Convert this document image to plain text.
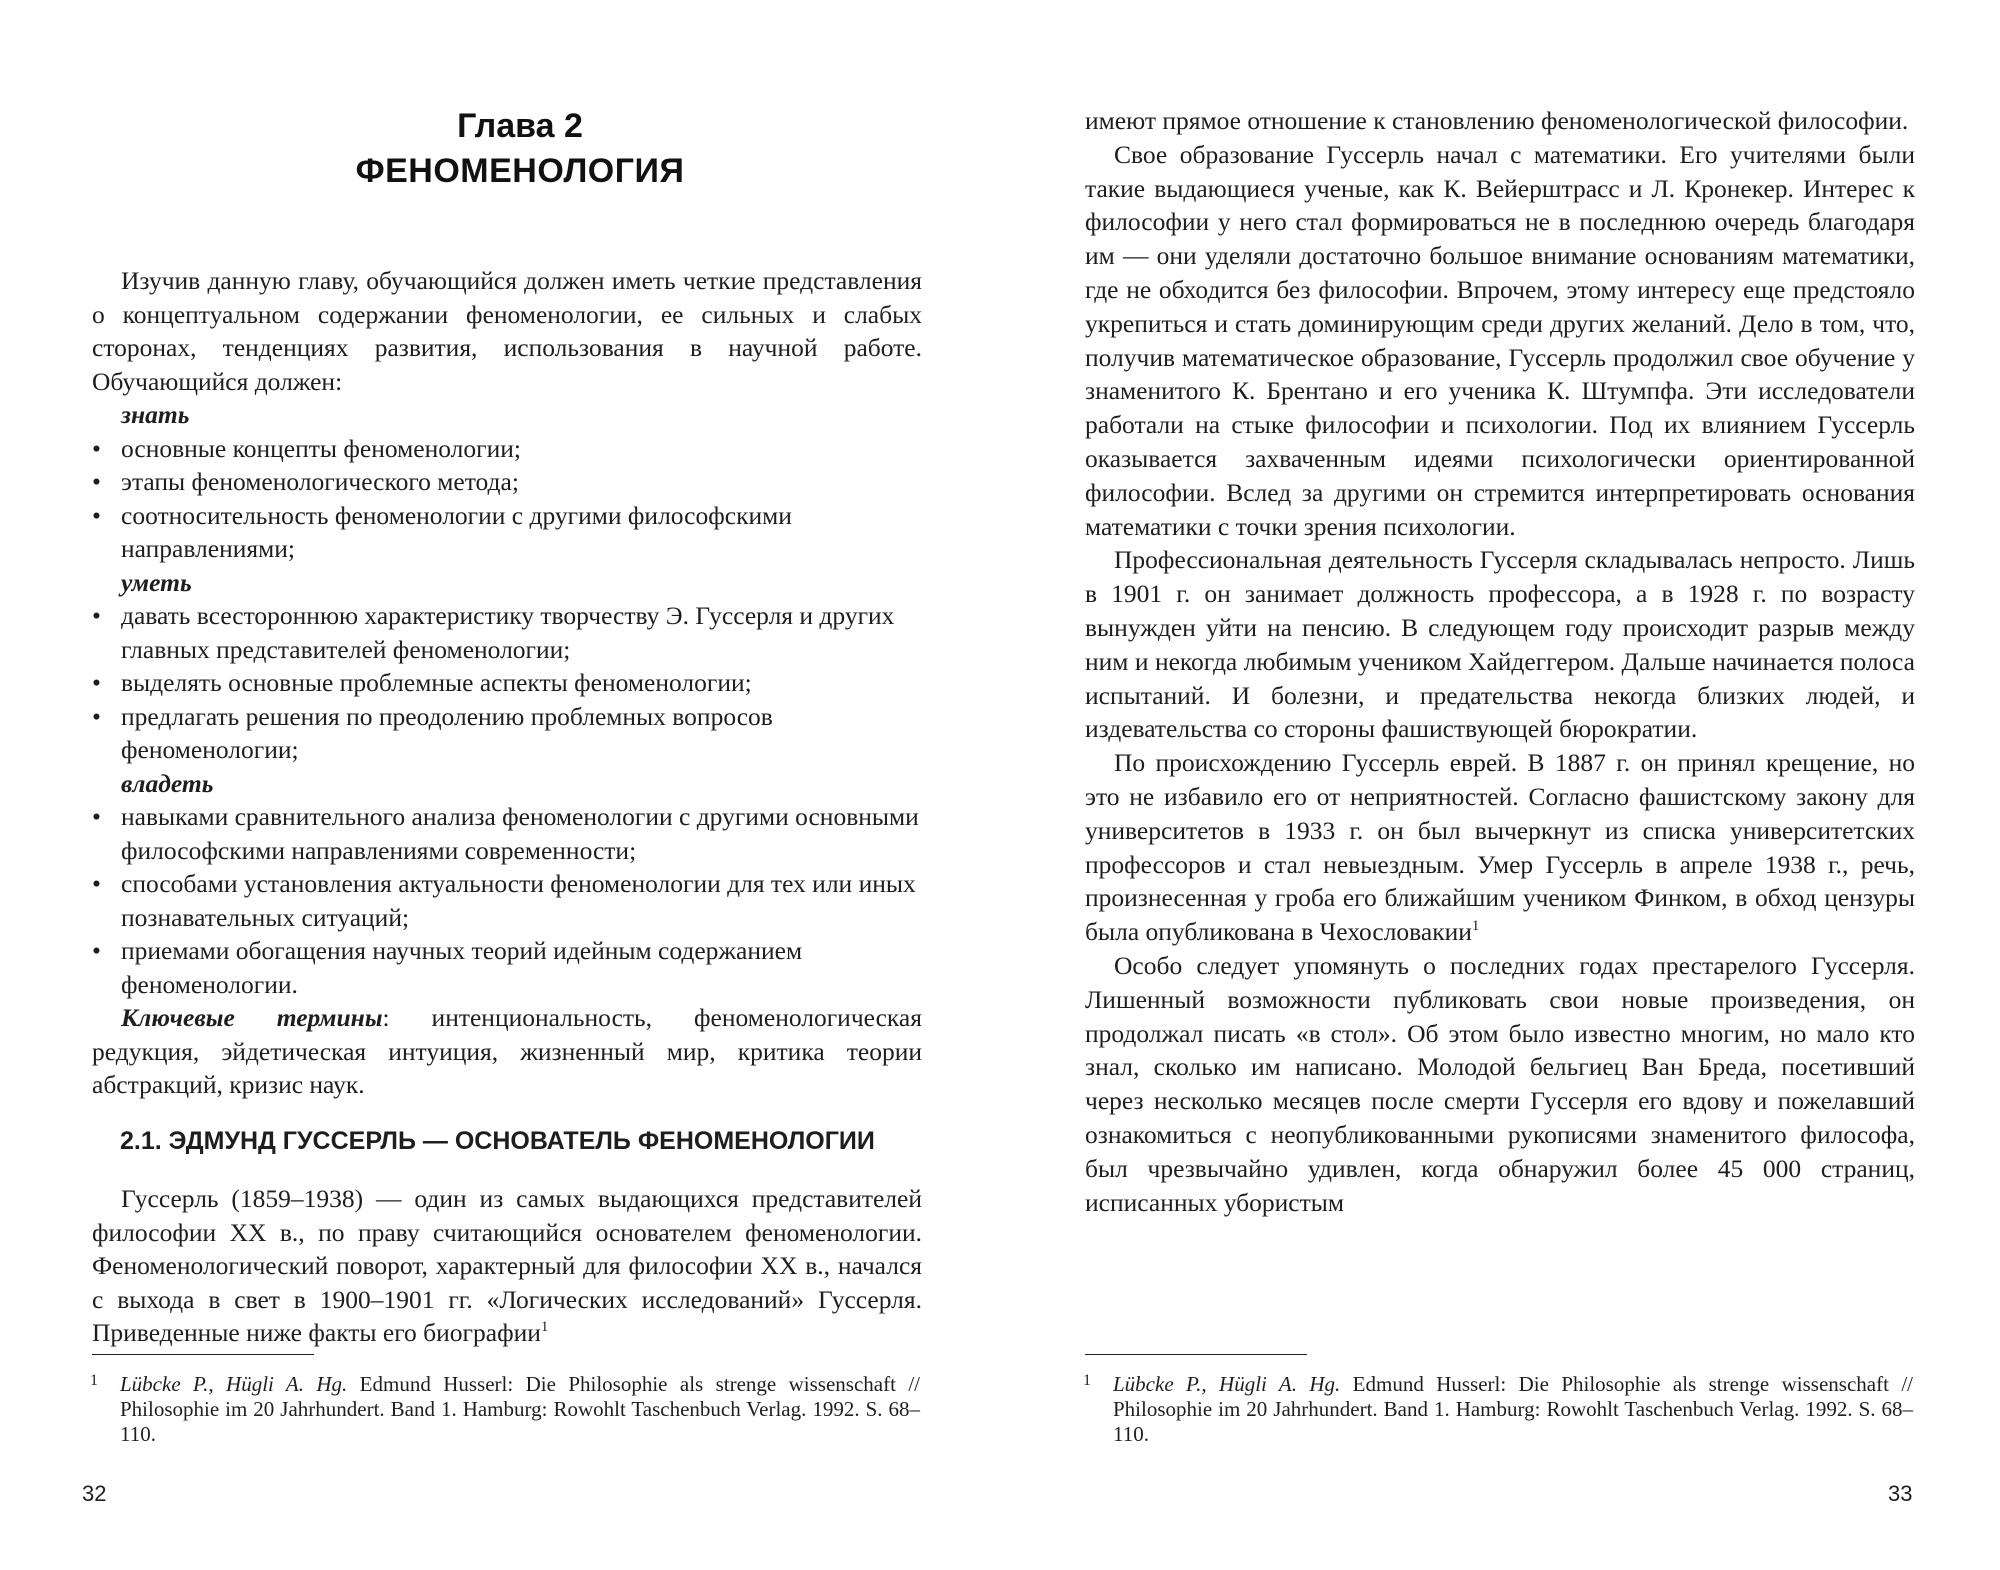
Глава 2
ФЕНОМЕНОЛОГИЯ

Изучив данную главу, обучающийся должен иметь четкие представления о концептуальном содержании феноменологии, ее сильных и слабых сторонах, тенденциях развития, использования в научной работе. Обучающийся должен:

знать
• основные концепты феноменологии;
• этапы феноменологического метода;
• соотносительность феноменологии с другими философскими направлениями;
уметь
• давать всестороннюю характеристику творчеству Э. Гуссерля и других главных представителей феноменологии;
• выделять основные проблемные аспекты феноменологии;
• предлагать решения по преодолению проблемных вопросов феноменологии;
владеть
• навыками сравнительного анализа феноменологии с другими основными философскими направлениями современности;
• способами установления актуальности феноменологии для тех или иных познавательных ситуаций;
• приемами обогащения научных теорий идейным содержанием феноменологии.

Ключевые термины: интенциональность, феноменологическая редукция, эйдетическая интуиция, жизненный мир, критика теории абстракций, кризис наук.

2.1. ЭДМУНД ГУССЕРЛЬ — ОСНОВАТЕЛЬ ФЕНОМЕНОЛОГИИ

Гуссерль (1859–1938) — один из самых выдающихся представителей философии XX в., по праву считающийся основателем феноменологии. Феноменологический поворот, характерный для философии XX в., начался с выхода в свет в 1900–1901 гг. «Логических исследований» Гуссерля. Приведенные ниже факты его биографии$^1$

1 Lübcke P., Hügli A. Hg. Edmund Husserl: Die Philosophie als strenge wissenschaft // Philosophie im 20 Jahrhundert. Band 1. Hamburg: Rowohlt Taschenbuch Verlag. 1992. S. 68–110.
32

имеют прямое отношение к становлению феноменологической философии.

Свое образование Гуссерль начал с математики. Его учителями были такие выдающиеся ученые, как К. Вейерштрасс и Л. Кронекер. Интерес к философии у него стал формироваться не в последнюю очередь благодаря им — они уделяли достаточно большое внимание основаниям математики, где не обходится без философии. Впрочем, этому интересу еще предстояло укрепиться и стать доминирующим среди других желаний. Дело в том, что, получив математическое образование, Гуссерль продолжил свое обучение у знаменитого К. Брентано и его ученика К. Штумпфа. Эти исследователи работали на стыке философии и психологии. Под их влиянием Гуссерль оказывается захваченным идеями психологически ориентированной философии. Вслед за другими он стремится интерпретировать основания математики с точки зрения психологии.

Профессиональная деятельность Гуссерля складывалась непросто. Лишь в 1901 г. он занимает должность профессора, а в 1928 г. по возрасту вынужден уйти на пенсию. В следующем году происходит разрыв между ним и некогда любимым учеником Хайдеггером. Дальше начинается полоса испытаний. И болезни, и предательства некогда близких людей, и издевательства со стороны фашиствующей бюрократии.

По происхождению Гуссерль еврей. В 1887 г. он принял крещение, но это не избавило его от неприятностей. Согласно фашистскому закону для университетов в 1933 г. он был вычеркнут из списка университетских профессоров и стал невыездным. Умер Гуссерль в апреле 1938 г., речь, произнесенная у гроба его ближайшим учеником Финком, в обход цензуры была опубликована в Чехословакии$^1$

Особо следует упомянуть о последних годах престарелого Гуссерля. Лишенный возможности публиковать свои новые произведения, он продолжал писать «в стол». Об этом было известно многим, но мало кто знал, сколько им написано. Молодой бельгиец Ван Бреда, посетивший через несколько месяцев после смерти Гуссерля его вдову и пожелавший ознакомиться с неопубликованными рукописями знаменитого философа, был чрезвычайно удивлен, когда обнаружил более 45 000 страниц, исписанных убористым

1 Lübcke P., Hügli A. Hg. Edmund Husserl: Die Philosophie als strenge wissenschaft // Philosophie im 20 Jahrhundert. Band 1. Hamburg: Rowohlt Taschenbuch Verlag. 1992. S. 68–110.
33
